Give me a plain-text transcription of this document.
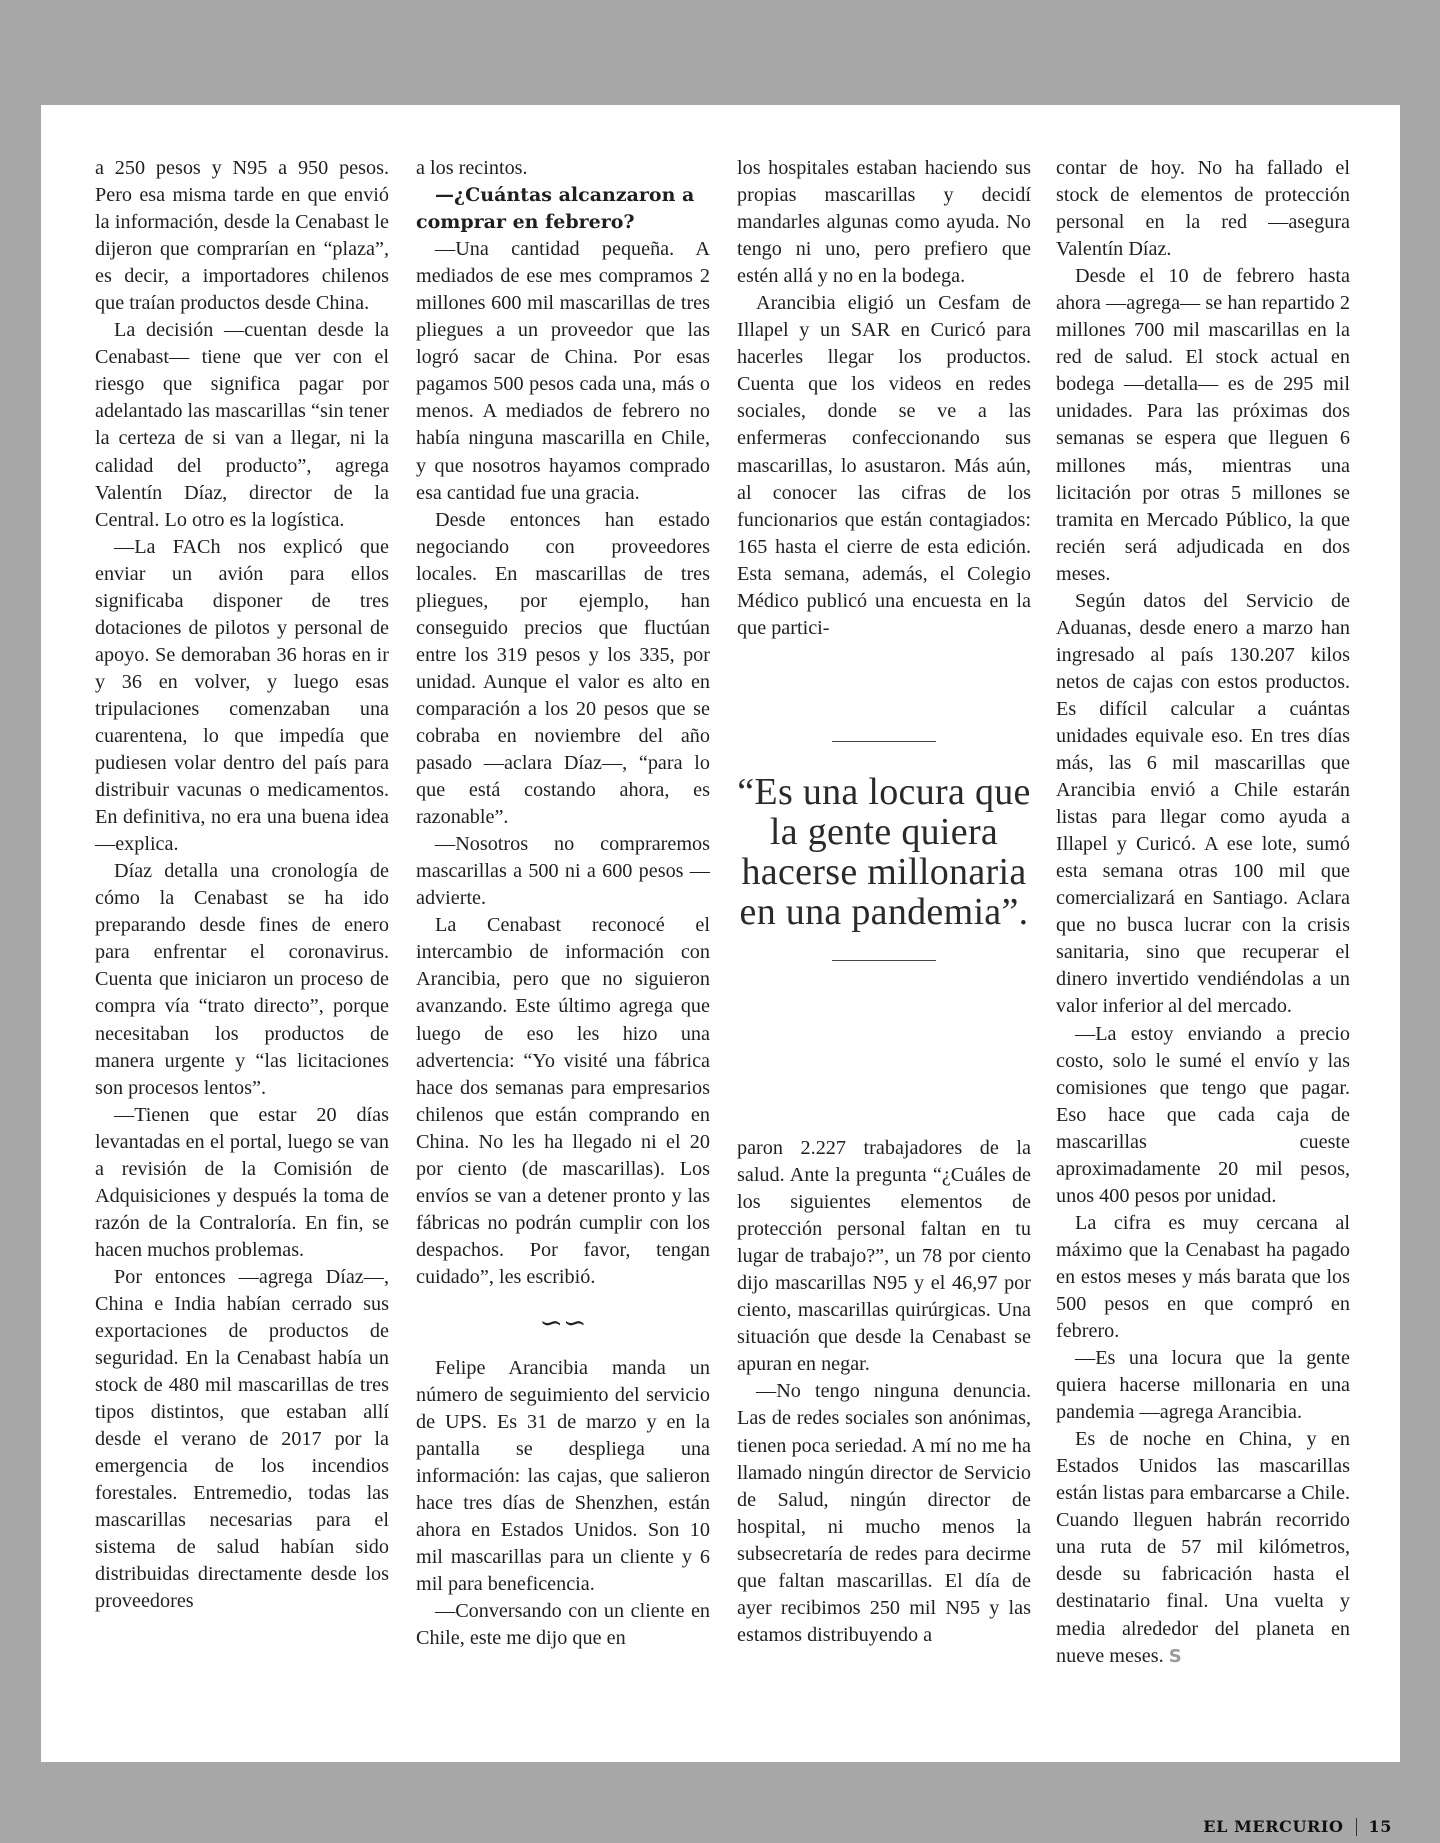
a 250 pesos y N95 a 950 pesos. Pero esa misma tarde en que envió la información, desde la Cenabast le dijeron que comprarían en “plaza”, es decir, a importadores chilenos que traían productos desde China.

La decisión —cuentan desde la Cenabast— tiene que ver con el riesgo que significa pagar por adelantado las mascarillas “sin tener la certeza de si van a llegar, ni la calidad del producto”, agrega Valentín Díaz, director de la Central. Lo otro es la logística.

—La FACh nos explicó que enviar un avión para ellos significaba disponer de tres dotaciones de pilotos y personal de apoyo. Se demoraban 36 horas en ir y 36 en volver, y luego esas tripulaciones comenzaban una cuarentena, lo que impedía que pudiesen volar dentro del país para distribuir vacunas o medicamentos. En definitiva, no era una buena idea —explica.

Díaz detalla una cronología de cómo la Cenabast se ha ido preparando desde fines de enero para enfrentar el coronavirus. Cuenta que iniciaron un proceso de compra vía “trato directo”, porque necesitaban los productos de manera urgente y “las licitaciones son procesos lentos”.

—Tienen que estar 20 días levantadas en el portal, luego se van a revisión de la Comisión de Adquisiciones y después la toma de razón de la Contraloría. En fin, se hacen muchos problemas.

Por entonces —agrega Díaz—, China e India habían cerrado sus exportaciones de productos de seguridad. En la Cenabast había un stock de 480 mil mascarillas de tres tipos distintos, que estaban allí desde el verano de 2017 por la emergencia de los incendios forestales. Entremedio, todas las mascarillas necesarias para el sistema de salud habían sido distribuidas directamente desde los proveedores

a los recintos.

—¿Cuántas alcanzaron a comprar en febrero?

—Una cantidad pequeña. A mediados de ese mes compramos 2 millones 600 mil mascarillas de tres pliegues a un proveedor que las logró sacar de China. Por esas pagamos 500 pesos cada una, más o menos. A mediados de febrero no había ninguna mascarilla en Chile, y que nosotros hayamos comprado esa cantidad fue una gracia.

Desde entonces han estado negociando con proveedores locales. En mascarillas de tres pliegues, por ejemplo, han conseguido precios que fluctúan entre los 319 pesos y los 335, por unidad. Aunque el valor es alto en comparación a los 20 pesos que se cobraba en noviembre del año pasado —aclara Díaz—, “para lo que está costando ahora, es razonable”.

—Nosotros no compraremos mascarillas a 500 ni a 600 pesos —advierte.

La Cenabast reconocé el intercambio de información con Arancibia, pero que no siguieron avanzando. Este último agrega que luego de eso les hizo una advertencia: “Yo visité una fábrica hace dos semanas para empresarios chilenos que están comprando en China. No les ha llegado ni el 20 por ciento (de mascarillas). Los envíos se van a detener pronto y las fábricas no podrán cumplir con los despachos. Por favor, tengan cuidado”, les escribió.

∽∽

Felipe Arancibia manda un número de seguimiento del servicio de UPS. Es 31 de marzo y en la pantalla se despliega una información: las cajas, que salieron hace tres días de Shenzhen, están ahora en Estados Unidos. Son 10 mil mascarillas para un cliente y 6 mil para beneficencia.

—Conversando con un cliente en Chile, este me dijo que en

los hospitales estaban haciendo sus propias mascarillas y decidí mandarles algunas como ayuda. No tengo ni uno, pero prefiero que estén allá y no en la bodega.

Arancibia eligió un Cesfam de Illapel y un SAR en Curicó para hacerles llegar los productos. Cuenta que los videos en redes sociales, donde se ve a las enfermeras confeccionando sus mascarillas, lo asustaron. Más aún, al conocer las cifras de los funcionarios que están contagiados: 165 hasta el cierre de esta edición. Esta semana, además, el Colegio Médico publicó una encuesta en la que partici-

“Es una locura que la gente quiera hacerse millonaria en una pandemia”.

paron 2.227 trabajadores de la salud. Ante la pregunta “¿Cuáles de los siguientes elementos de protección personal faltan en tu lugar de trabajo?”, un 78 por ciento dijo mascarillas N95 y el 46,97 por ciento, mascarillas quirúrgicas. Una situación que desde la Cenabast se apuran en negar.

—No tengo ninguna denuncia. Las de redes sociales son anónimas, tienen poca seriedad. A mí no me ha llamado ningún director de Servicio de Salud, ningún director de hospital, ni mucho menos la subsecretaría de redes para decirme que faltan mascarillas. El día de ayer recibimos 250 mil N95 y las estamos distribuyendo a

contar de hoy. No ha fallado el stock de elementos de protección personal en la red —asegura Valentín Díaz.

Desde el 10 de febrero hasta ahora —agrega— se han repartido 2 millones 700 mil mascarillas en la red de salud. El stock actual en bodega —detalla— es de 295 mil unidades. Para las próximas dos semanas se espera que lleguen 6 millones más, mientras una licitación por otras 5 millones se tramita en Mercado Público, la que recién será adjudicada en dos meses.

Según datos del Servicio de Aduanas, desde enero a marzo han ingresado al país 130.207 kilos netos de cajas con estos productos. Es difícil calcular a cuántas unidades equivale eso. En tres días más, las 6 mil mascarillas que Arancibia envió a Chile estarán listas para llegar como ayuda a Illapel y Curicó. A ese lote, sumó esta semana otras 100 mil que comercializará en Santiago. Aclara que no busca lucrar con la crisis sanitaria, sino que recuperar el dinero invertido vendiéndolas a un valor inferior al del mercado.

—La estoy enviando a precio costo, solo le sumé el envío y las comisiones que tengo que pagar. Eso hace que cada caja de mascarillas cueste aproximadamente 20 mil pesos, unos 400 pesos por unidad.

La cifra es muy cercana al máximo que la Cenabast ha pagado en estos meses y más barata que los 500 pesos en que compró en febrero.

—Es una locura que la gente quiera hacerse millonaria en una pandemia —agrega Arancibia.

Es de noche en China, y en Estados Unidos las mascarillas están listas para embarcarse a Chile. Cuando lleguen habrán recorrido una ruta de 57 mil kilómetros, desde su fabricación hasta el destinatario final. Una vuelta y media alrededor del planeta en nueve meses. S

EL MERCURIO 15
